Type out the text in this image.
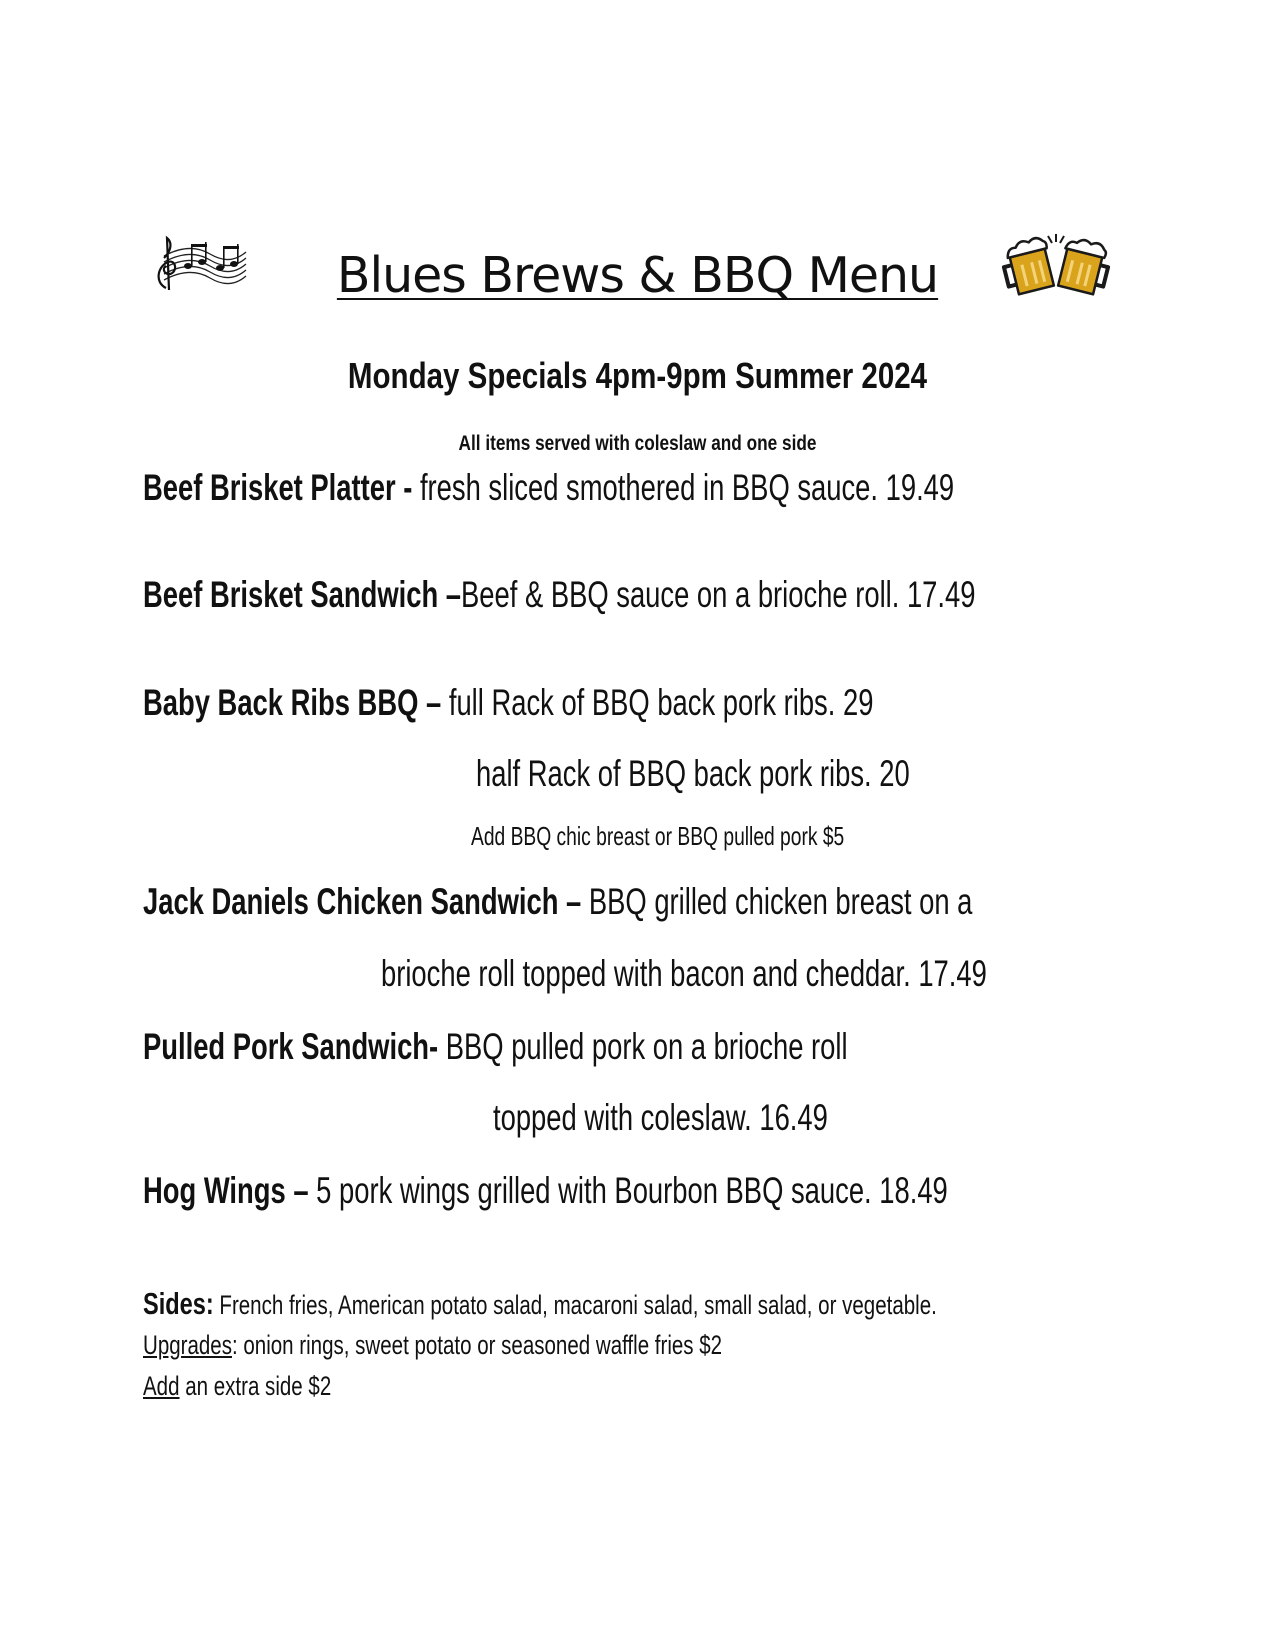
Blues Brews & BBQ Menu
Monday Specials 4pm-9pm Summer 2024
All items served with coleslaw and one side
Beef Brisket Platter - fresh sliced smothered in BBQ sauce. 19.49
Beef Brisket Sandwich –Beef & BBQ sauce on a brioche roll. 17.49
Baby Back Ribs BBQ – full Rack of BBQ back pork ribs. 29
half Rack of BBQ back pork ribs. 20
Add BBQ chic breast or BBQ pulled pork $5
Jack Daniels Chicken Sandwich – BBQ grilled chicken breast on a
brioche roll topped with bacon and cheddar. 17.49
Pulled Pork Sandwich- BBQ pulled pork on a brioche roll
topped with coleslaw. 16.49
Hog Wings – 5 pork wings grilled with Bourbon BBQ sauce. 18.49
Sides: French fries, American potato salad, macaroni salad, small salad, or vegetable.
Upgrades: onion rings, sweet potato or seasoned waffle fries $2
Add an extra side $2
